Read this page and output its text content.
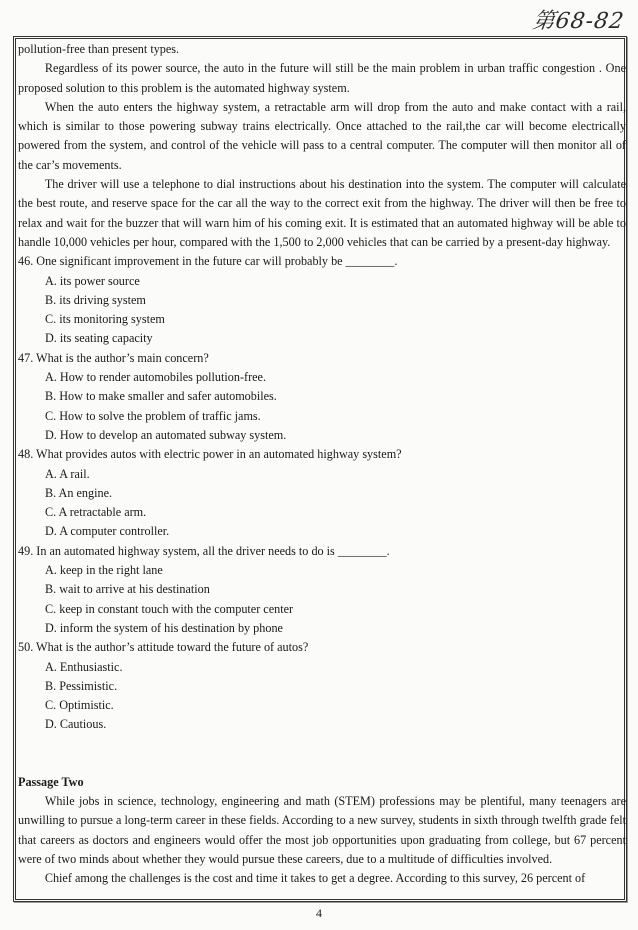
第68-82

pollution-free than present types.

Regardless of its power source, the auto in the future will still be the main problem in urban traffic congestion . One proposed solution to this problem is the automated highway system.

When the auto enters the highway system, a retractable arm will drop from the auto and make contact with a rail, which is similar to those powering subway trains electrically. Once attached to the rail,the car will become electrically powered from the system, and control of the vehicle will pass to a central computer. The computer will then monitor all of the car’s movements.

The driver will use a telephone to dial instructions about his destination into the system. The computer will calculate the best route, and reserve space for the car all the way to the correct exit from the highway. The driver will then be free to relax and wait for the buzzer that will warn him of his coming exit. It is estimated that an automated highway will be able to handle 10,000 vehicles per hour, compared with the 1,500 to 2,000 vehicles that can be carried by a present-day highway.

46. One significant improvement in the future car will probably be ________.

A. its power source

B. its driving system

C. its monitoring system

D. its seating capacity

47. What is the author’s main concern?

A. How to render automobiles pollution-free.

B. How to make smaller and safer automobiles.

C. How to solve the problem of traffic jams.

D. How to develop an automated subway system.

48. What provides autos with electric power in an automated highway system?

A. A rail.

B. An engine.

C. A retractable arm.

D. A computer controller.

49. In an automated highway system, all the driver needs to do is ________.

A. keep in the right lane

B. wait to arrive at his destination

C. keep in constant touch with the computer center

D. inform the system of his destination by phone

50. What is the author’s attitude toward the future of autos?

A. Enthusiastic.

B. Pessimistic.

C. Optimistic.

D. Cautious.

Passage Two

While jobs in science, technology, engineering and math (STEM) professions may be plentiful, many teenagers are unwilling to pursue a long-term career in these fields. According to a new survey, students in sixth through twelfth grade felt that careers as doctors and engineers would offer the most job opportunities upon graduating from college, but 67 percent were of two minds about whether they would pursue these careers, due to a multitude of difficulties involved.

Chief among the challenges is the cost and time it takes to get a degree. According to this survey, 26 percent of

4
